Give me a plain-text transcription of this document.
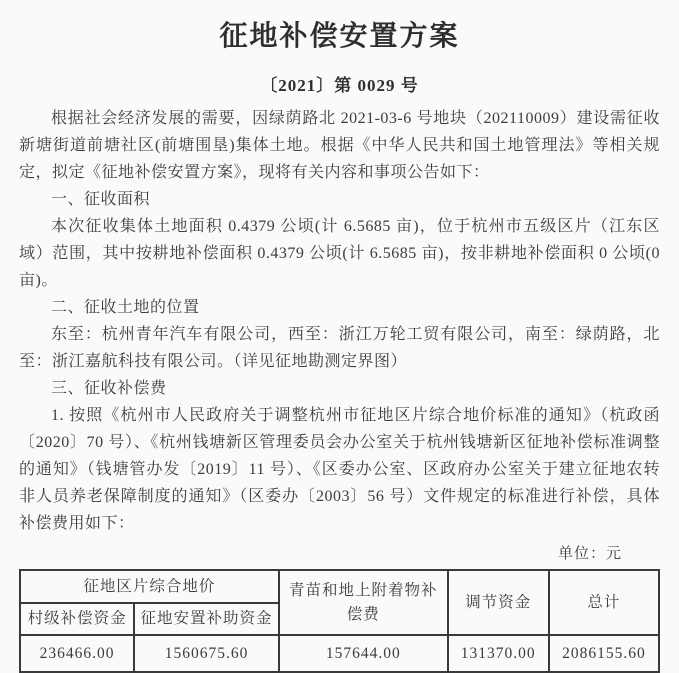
征地补偿安置方案
〔2021〕第 0029 号

根据社会经济发展的需要，因绿荫路北 2021-03-6 号地块（202110009）建设需征收新塘街道前塘社区(前塘围垦)集体土地。根据《中华人民共和国土地管理法》等相关规定，拟定《征地补偿安置方案》，现将有关内容和事项公告如下：

一、征收面积

本次征收集体土地面积 0.4379 公顷(计 6.5685 亩)，位于杭州市五级区片（江东区域）范围，其中按耕地补偿面积 0.4379 公顷(计 6.5685 亩)，按非耕地补偿面积 0 公顷(0 亩)。

二、征收土地的位置

东至：杭州青年汽车有限公司，西至：浙江万轮工贸有限公司，南至：绿荫路，北至：浙江嘉航科技有限公司。（详见征地勘测定界图）

三、征收补偿费

1. 按照《杭州市人民政府关于调整杭州市征地区片综合地价标准的通知》（杭政函〔2020〕70 号）、《杭州钱塘新区管理委员会办公室关于杭州钱塘新区征地补偿标准调整的通知》（钱塘管办发〔2019〕11 号）、《区委办公室、区政府办公室关于建立征地农转非人员养老保障制度的通知》（区委办〔2003〕56 号）文件规定的标准进行补偿，具体补偿费用如下：

单位：元
征地区片综合地价		青苗和地上附着物补偿费	调节资金	总计
村级补偿资金	征地安置补助资金			
236466.00	1560675.60	157644.00	131370.00	2086155.60
